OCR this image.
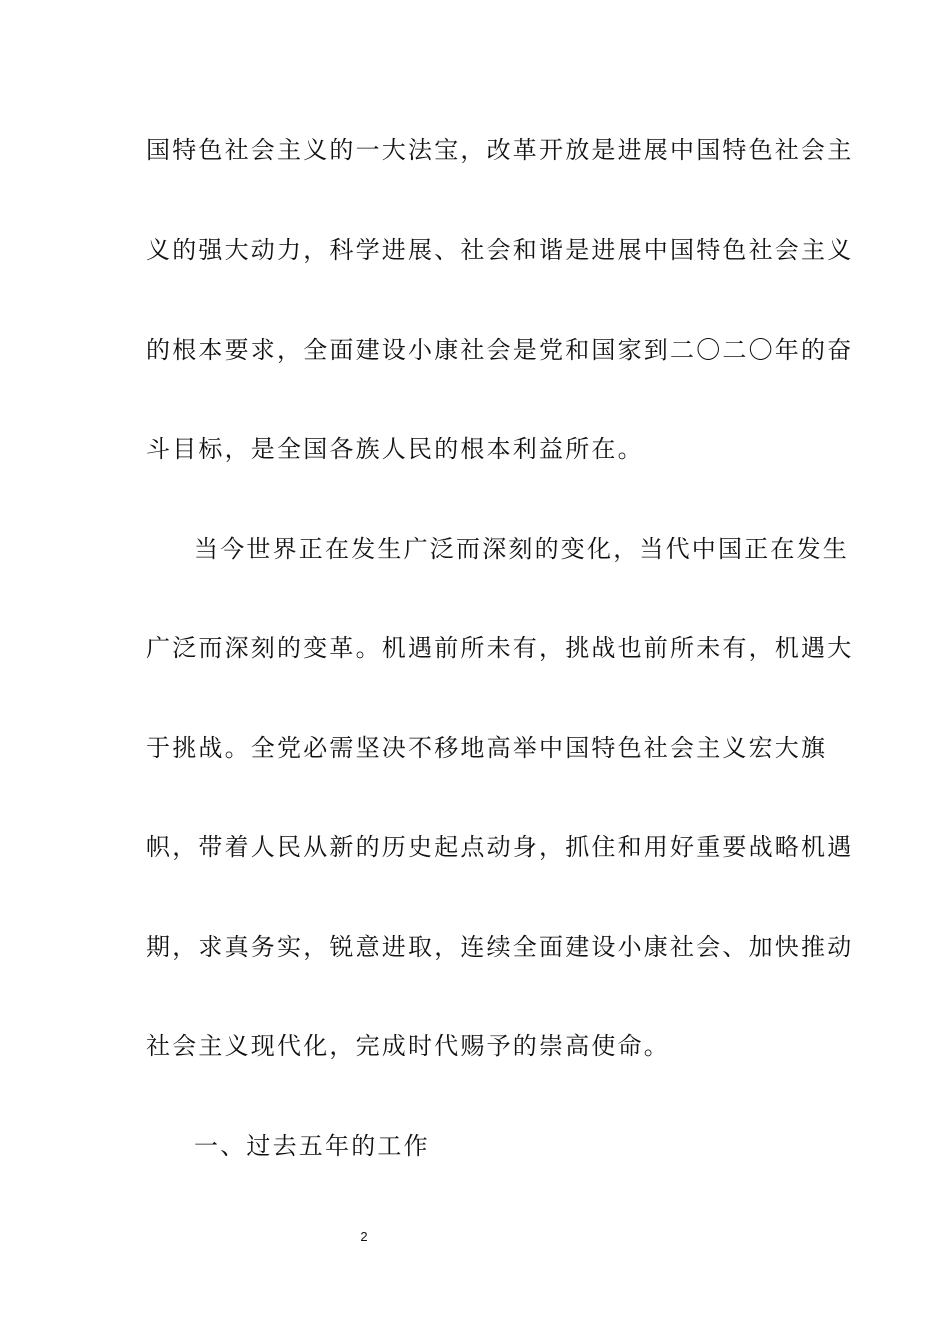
国特色社会主义的一大法宝，改革开放是进展中国特色社会主
义的强大动力，科学进展、社会和谐是进展中国特色社会主义
的根本要求，全面建设小康社会是党和国家到二〇二〇年的奋
斗目标，是全国各族人民的根本利益所在。
当今世界正在发生广泛而深刻的变化，当代中国正在发生
广泛而深刻的变革。机遇前所未有，挑战也前所未有，机遇大
于挑战。全党必需坚决不移地高举中国特色社会主义宏大旗
帜，带着人民从新的历史起点动身，抓住和用好重要战略机遇
期，求真务实，锐意进取，连续全面建设小康社会、加快推动
社会主义现代化，完成时代赐予的崇高使命。
一、过去五年的工作
2
